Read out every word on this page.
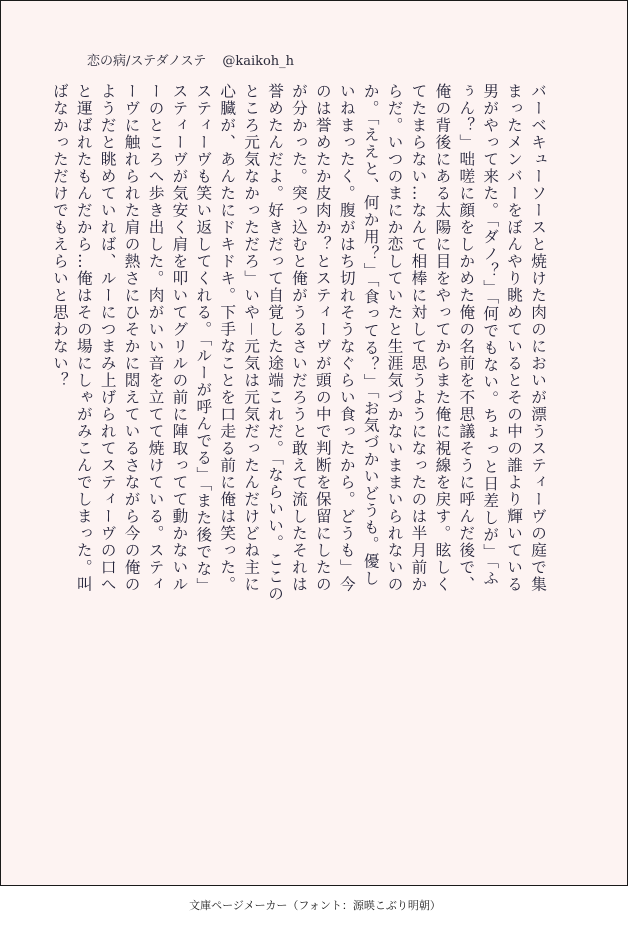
恋の病/ステダノステ @kaikoh_h
バーベキューソースと焼けた肉のにおいが漂うスティーヴの庭で集まったメンバーをぼんやり眺めているとその中の誰より輝いている男がやって来た。「ダノ？」「何でもない。ちょっと日差しが」「ふぅん？」咄嗟に顔をしかめた俺の名前を不思議そうに呼んだ後で、俺の背後にある太陽に目をやってからまた俺に視線を戻す。眩しくてたまらない…なんて相棒に対して思うようになったのは半月前からだ。いつのまにか恋していたと生涯気づかないままいられないのか。「ええと、何か用？」「食ってる？」「お気づかいどうも。優しいねまったく。腹がはち切れそうなぐらい食ったから。どうも」今のは誉めたか皮肉か？とスティーヴが頭の中で判断を保留にしたのが分かった。突っ込むと俺がうるさいだろうと敢えて流したそれは誉めたんだよ。好きだって自覚した途端これだ。「ならいい。ここのところ元気なかっただろ」いや－元気は元気だったんだけどね主に心臓が、あんたにドキドキ。下手なことを口走る前に俺は笑った。スティーヴも笑い返してくれる。「ルーが呼んでる」「また後でな」スティーヴが気安く肩を叩いてグリルの前に陣取ってて動かないルーのところへ歩き出した。肉がいい音を立てて焼けている。スティーヴに触れられた肩の熱さにひそかに悶えているさながら今の俺のようだと眺めていれば、ルーにつまみ上げられてスティーヴの口へと運ばれたもんだから…俺はその場にしゃがみこんでしまった。叫ばなかっただけでもえらいと思わない？
文庫ページメーカー（フォント：源暎こぶり明朝）
